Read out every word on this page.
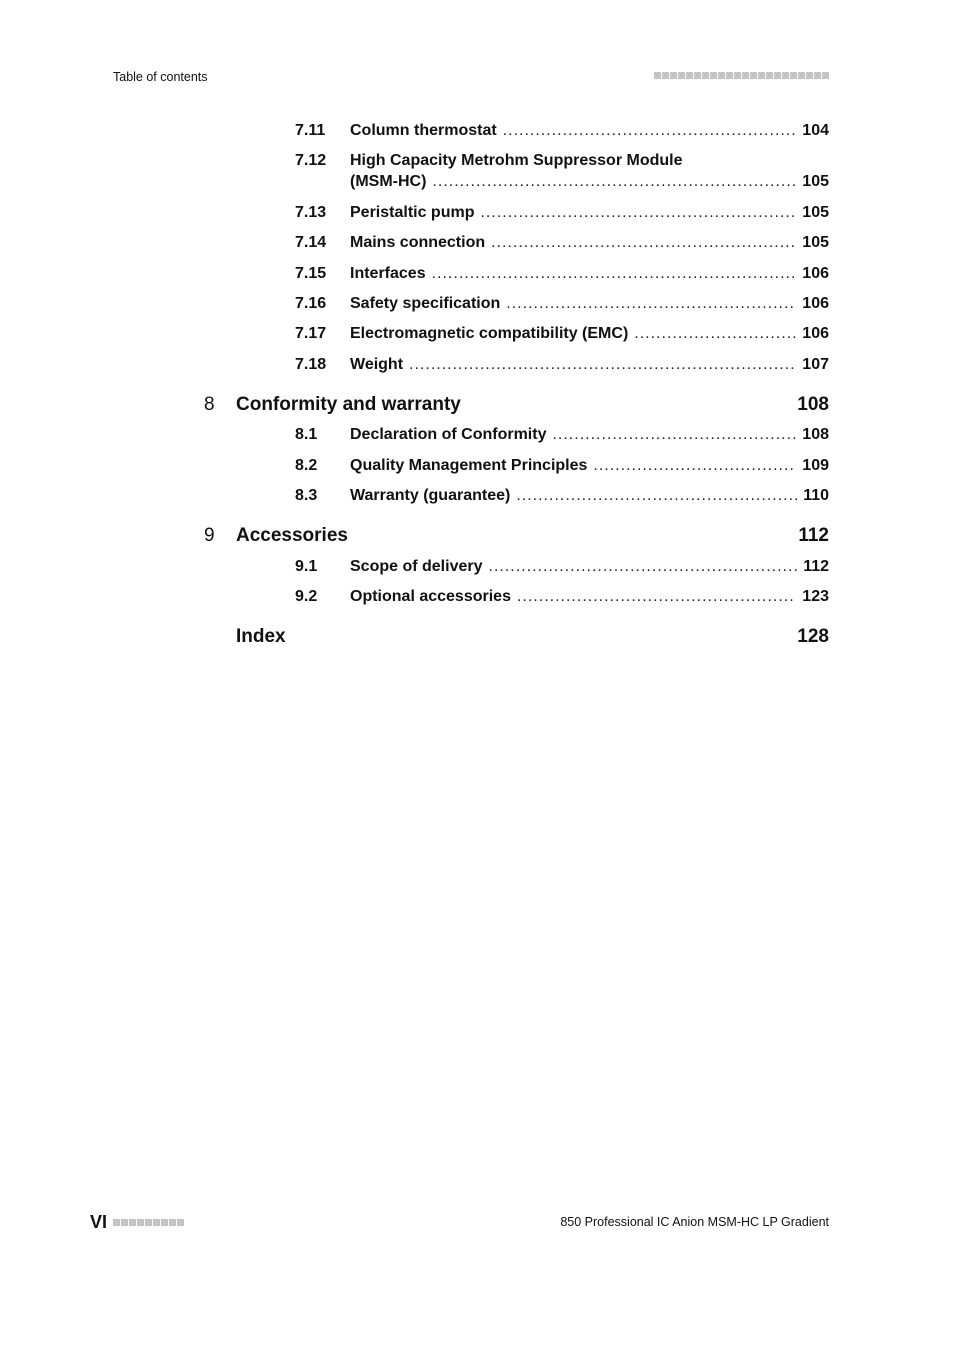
Table of contents
7.11 Column thermostat .....	104
7.12 High Capacity Metrohm Suppressor Module
(MSM-HC) .....	105
7.13 Peristaltic pump .....	105
7.14 Mains connection .....	105
7.15 Interfaces .....	106
7.16 Safety specification .....	106
7.17 Electromagnetic compatibility (EMC) .....	106
7.18 Weight .....	107
8 Conformity and warranty	108
8.1 Declaration of Conformity .....	108
8.2 Quality Management Principles .....	109
8.3 Warranty (guarantee) .....	110
9 Accessories	112
9.1 Scope of delivery .....	112
9.2 Optional accessories .....	123
Index	128
VI	850 Professional IC Anion MSM-HC LP Gradient
